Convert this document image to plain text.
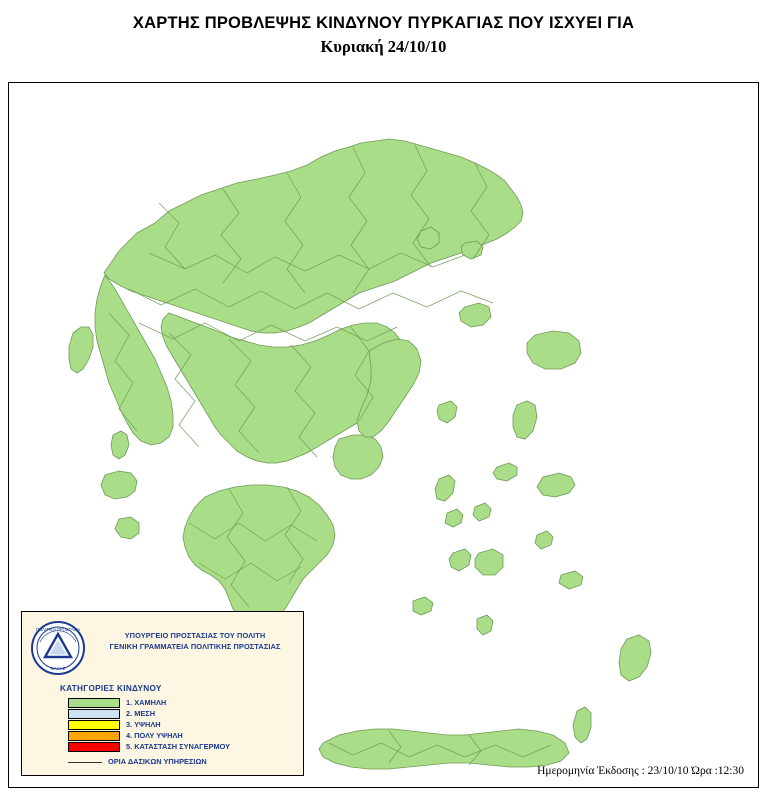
ΧΑΡΤΗΣ ΠΡΟΒΛΕΨΗΣ ΚΙΝΔΥΝΟΥ ΠΥΡΚΑΓΙΑΣ ΠΟΥ ΙΣΧΥΕΙ ΓΙΑ
Κυριακή 24/10/10
ΠΟΛΙΤΙΚΗ ΠΡΟΣΤΑΣΙΑ
ΕΛΛΑΣ
ΥΠΟΥΡΓΕΙΟ ΠΡΟΣΤΑΣΙΑΣ ΤΟΥ ΠΟΛΙΤΗ
ΓΕΝΙΚΗ ΓΡΑΜΜΑΤΕΙΑ ΠΟΛΙΤΙΚΗΣ ΠΡΟΣΤΑΣΙΑΣ
ΚΑΤΗΓΟΡΙΕΣ ΚΙΝΔΥΝΟΥ
1. ΧΑΜΗΛΗ
2. ΜΕΣΗ
3. ΥΨΗΛΗ
4. ΠΟΛΥ ΥΨΗΛΗ
5. ΚΑΤΑΣΤΑΣΗ ΣΥΝΑΓΕΡΜΟΥ
ΟΡΙΑ ΔΑΣΙΚΩΝ ΥΠΗΡΕΣΙΩΝ
Ημερομηνία Έκδοσης : 23/10/10 Ώρα :12:30
